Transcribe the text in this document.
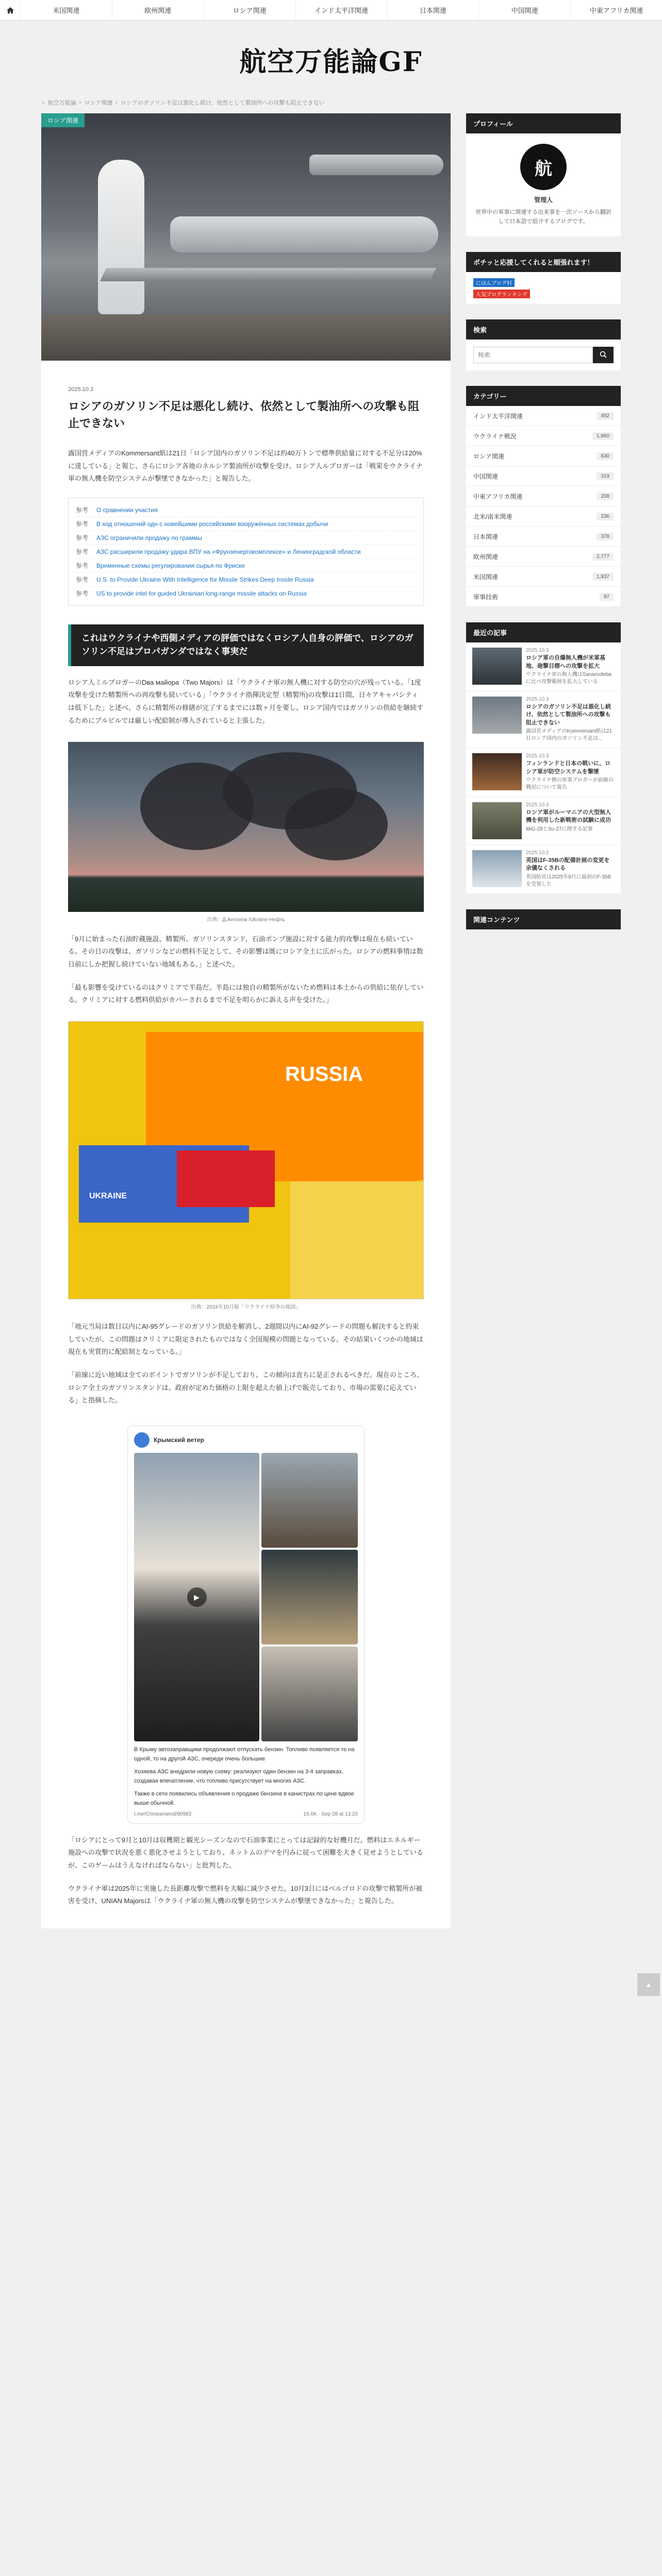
米国関連	欧州関連	ロシア関連	インド太平洋関連	日本関連	中国関連	中東アフリカ関連
航空万能論GF
⌂ 航空万能論 › ロシア関連 › ロシアのガソリン不足は悪化し続け、依然として製油所への攻撃も阻止できない
ロシア関連
2025.10.3
ロシアのガソリン不足は悪化し続け、依然として製油所への攻撃も阻止できない

露国営メディアのKommersant紙は21日「ロシア国内のガソリン不足は約40万トンで標準供給量に対する不足分は20%に達している」と報じ、さらにロシア各地のネルシア製油所が攻撃を受け、ロシア人ルブロガーは「戦果をウクライナ軍の無人機を防空システムが撃墜できなかった」と報告した。

参考	О сравнении участия
参考	В ход отношений одн с новейшими российскими вооружённых системах добычи
参考	АЗС ограничили продажу по граммы
参考	АЗС расширили продажу удара ВПУ на «Фрунзенергокомплексе» и Ленинградской области
参考	Временные схемы регулирования сырья по Фриске
参考	U.S. to Provide Ukraine With Intelligence for Missile Strikes Deep Inside Russia
参考	US to provide intel for guided Ukrainian long-range missile attacks on Russia
これはウクライナや西側メディアの評価ではなくロシア人自身の評価で、ロシアのガソリン不足はプロパガンダではなく事実だ

ロシア人ミルブロガーのDва майора（Two Majors）は「ウクライナ軍の無人機に対する防空の穴が残っている。「1度攻撃を受けた精製所への再攻撃も続いている」「ウクライナ指揮決定型（精製所)の攻撃は1日間、日々アキャパシティは低下した」と述べ、さらに精製所の修繕が完了するまでには数ヶ月を要し、ロシア国内ではガソリンの供給を継続するためにブルビルでは厳しい配給制が導入されていると主張した。

出典：Д.Антонов /Ukraine Нефть

「9月に始まった石油貯蔵施設、精製所、ガソリンスタンド、石油ポンプ施設に対する能力的攻撃は現在も続いている。その日の攻撃は、ガソリンなどの燃料不足として、その影響は既にロシア全土に広がった。ロシアの燃料事情は数日前にしか把握し続けていない地域もある。」と述べた。

「最も影響を受けているのはクリミアで半島だ。半島には独自の精製所がないため燃料は本土からの供給に依存している。クリミアに対する燃料供給がカバーされるまで不足を明らかに訴える声を受けた。」

RUSSIA
UKRAINE
出典：2024年10月版「ウクライナ紛争の地図」

「地元当局は数日以内にAI-95グレードのガソリン供給を解消し、2週間以内にAI-92グレードの問題も解決すると約束していたが、この問題はクリミアに限定されたものではなく全国規模の問題となっている。その結果いくつかの地域は現在も実質的に配給制となっている。」

「前線に近い地域は全てのポイントでガソリンが不足しており、この傾向は直ちに是正されるべきだ。現在のところ、ロシア全土のガソリンスタンドは、政府が定めた価格の上限を超えた値上げで販売しており、市場の需要に応えている」と指摘した。

Крымский ветер
▶
В Крыму автозаправщики продолжают отпускать бензин. Топливо появляется то на одной, то на другой АЗС, очереди очень большие
Хозяева АЗС внедрили новую схему: реализуют один бензин на 3-4 заправках, создавая впечатление, что топливо присутствует на многих АЗС.
Также в сети появились объявления о продаже бензина в канистрах по цене вдвое выше обычной.
t.me/Crimeanwind/90983	15.6K · Sep 28 at 13:20

「ロシアにとって9月と10月は収穫期と観光シーズンなので石油事業にとっては記録的な好機月だ。燃料はエネルギー施設への攻撃で状況を悪く悪化させようとしており、ネットムのデマを円みに従って困難を大きく見せようとしているが、このゲームはうえなければならない」と批判した。

ウクライナ軍は2025年に実施した長距離攻撃で燃料を大幅に減少させた。10月3日にはベルゴロドの攻撃で精製所が被害を受け、UNIAN Majorsは「ウクライナ軍の無人機の攻撃を防空システムが撃墜できなかった」と報告した。

プロフィール
航
管理人
世界中の軍事に関連する出来事を一次ソースから翻訳して日本語で紹介するブログです。
ポチッと応援してくれると順張れます！
にほんブログ村
人気ブログランキング
検索
検索
カテゴリー
インド太平洋関連	492
ウクライナ戦況	1,960
ロシア関連	630
中国関連	319
中東アフリカ関連	208
北米/南米関連	236
日本関連	378
欧州関連	2,777
米国関連	1,937
軍事技術	97
最近の記事
2025.10.3
ロシア軍の自爆無人機が米軍基地、砲撃目標への攻撃を拡大
ウクライナ軍の無人機はSanamolebaに比べ攻撃範囲を拡大している
2025.10.3
ロシアのガソリン不足は悪化し続け、依然として製油所への攻撃も阻止できない
露国営メディアのKommersant紙は21日ロシア国内のガソリン不足は...
2025.10.3
フィンランドと日本の戦いに、ロシア軍が防空システムを撃墜
ウクライナ側の軍事ブロガーが前線の戦況について報告
2025.10.3
ロシア軍がルーマニアの大型無人機を利用した新戦術の試験に成功
MiG-29とSu-27に関する記事
2025.10.2
英国はF-35Bの配備計画の変更を余儀なくされる
英国防省は2025年9月に最初のF-35Bを受領した
関連コンテンツ
▲
